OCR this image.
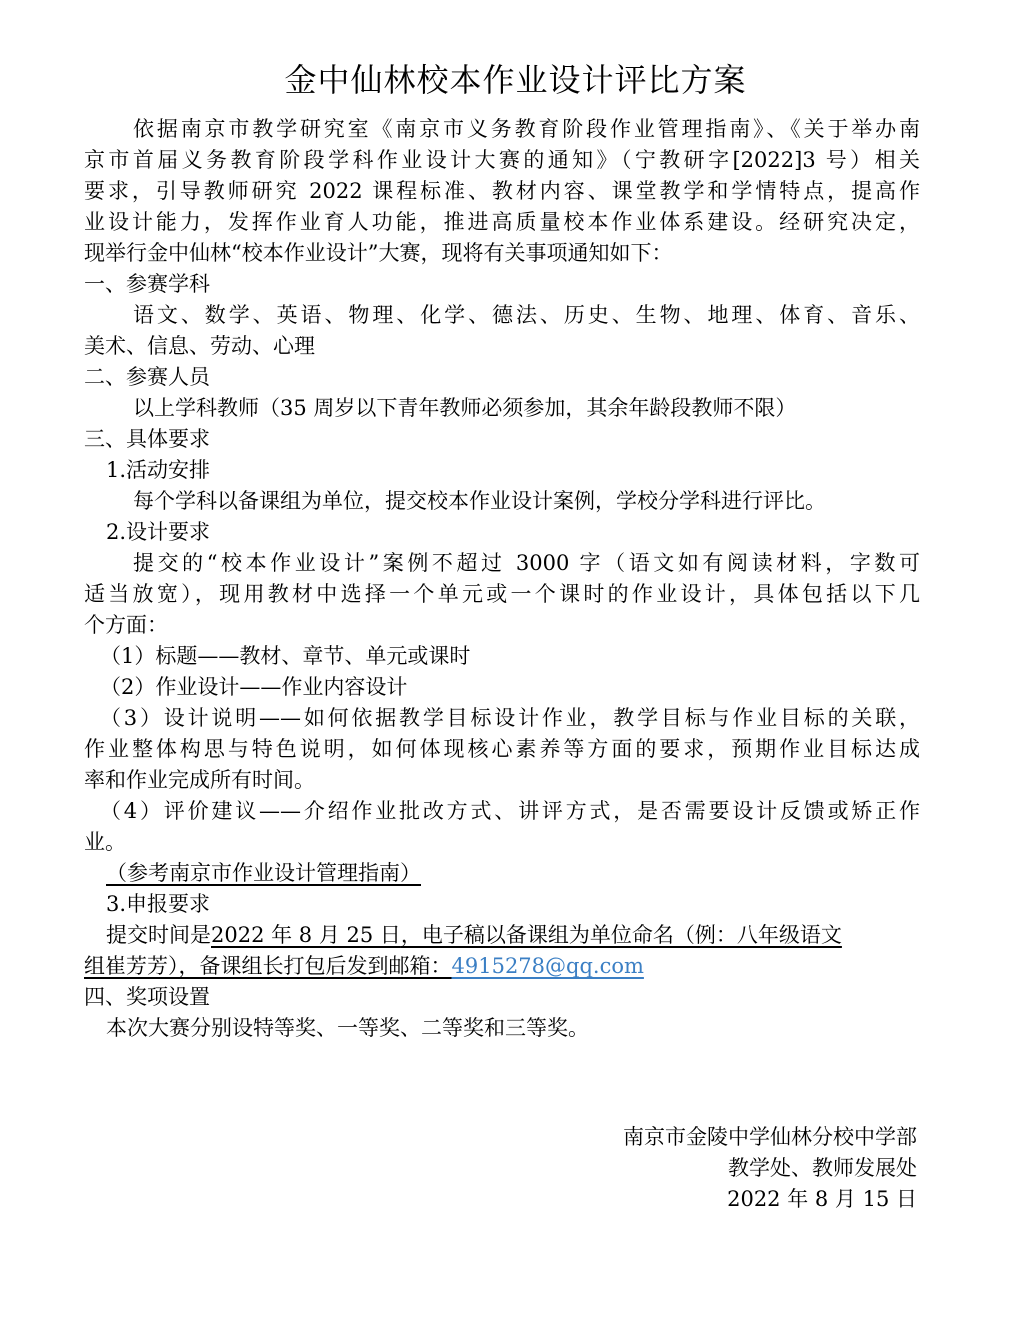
金中仙林校本作业设计评比方案
依据南京市教学研究室《南京市义务教育阶段作业管理指南》、《关于举办南
京市首届义务教育阶段学科作业设计大赛的通知》（宁教研字[2022]3 号）相关
要求，引导教师研究 2022 课程标准、教材内容、课堂教学和学情特点，提高作
业设计能力，发挥作业育人功能，推进高质量校本作业体系建设。经研究决定，
现举行金中仙林“校本作业设计”大赛，现将有关事项通知如下：
一、参赛学科
语文、数学、英语、物理、化学、德法、历史、生物、地理、体育、音乐、
美术、信息、劳动、心理
二、参赛人员
以上学科教师（35 周岁以下青年教师必须参加，其余年龄段教师不限）
三、具体要求
1.活动安排
每个学科以备课组为单位，提交校本作业设计案例，学校分学科进行评比。
2.设计要求
提交的“校本作业设计”案例不超过 3000 字（语文如有阅读材料，字数可
适当放宽），现用教材中选择一个单元或一个课时的作业设计，具体包括以下几
个方面：
（1）标题——教材、章节、单元或课时
（2）作业设计——作业内容设计
（3）设计说明——如何依据教学目标设计作业，教学目标与作业目标的关联，
作业整体构思与特色说明，如何体现核心素养等方面的要求，预期作业目标达成
率和作业完成所有时间。
（4）评价建议——介绍作业批改方式、讲评方式，是否需要设计反馈或矫正作
业。
（参考南京市作业设计管理指南）
3.申报要求
提交时间是2022 年 8 月 25 日，电子稿以备课组为单位命名（例：八年级语文
组崔芳芳），备课组长打包后发到邮箱：4915278@qq.com
四、奖项设置
本次大赛分别设特等奖、一等奖、二等奖和三等奖。
南京市金陵中学仙林分校中学部
教学处、教师发展处
2022 年 8 月 15 日
